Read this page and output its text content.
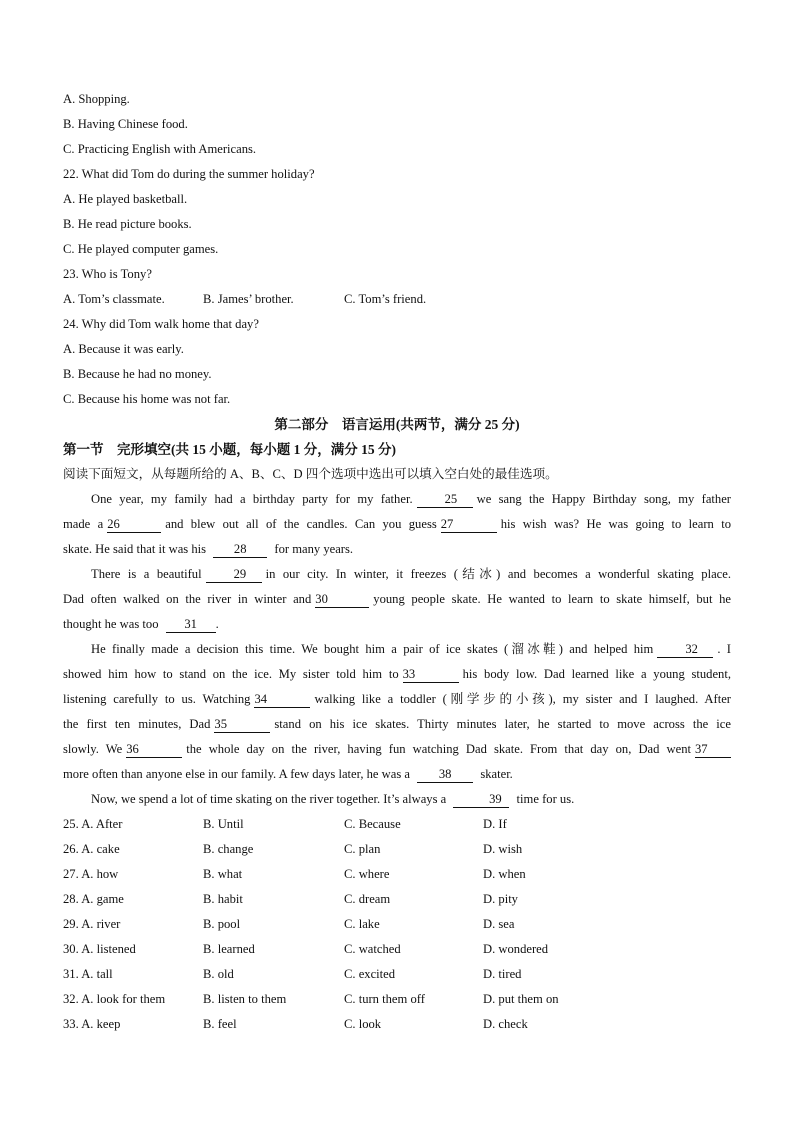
A. Shopping.
B. Having Chinese food.
C. Practicing English with Americans.
22. What did Tom do during the summer holiday?
A. He played basketball.
B. He read picture books.
C. He played computer games.
23. Who is Tony?
A. Tom’s classmate.	B. James’ brother.	C. Tom’s friend.
24. Why did Tom walk home that day?
A. Because it was early.
B. Because he had no money.
C. Because his home was not far.
第二部分　语言运用(共两节，满分 25 分)
第一节　完形填空(共 15 小题，每小题 1 分，满分 15 分)
阅读下面短文，从每题所给的 A、B、C、D 四个选项中选出可以填入空白处的最佳选项。
One year, my family had a birthday party for my father.	25 we sang the Happy Birthday song, my father
made a 26	and blew out all of the candles. Can you guess 27	his wish was? He was going to learn to
skate. He said that it was his 28 for many years.
There is a beautiful	29 in our city. In winter, it freezes (结冰) and becomes a wonderful skating place.
Dad often walked on the river in winter and 30	young people skate. He wanted to learn to skate himself, but he
thought he was too 31 .
He finally made a decision this time. We bought him a pair of ice skates (溜冰鞋) and helped him	32 . I
showed him how to stand on the ice. My sister told him to 33	his body low. Dad learned like a young student,
listening carefully to us. Watching 34	walking like a toddler (刚学步的小孩), my sister and I laughed. After
the first ten minutes, Dad 35	stand on his ice skates. Thirty minutes later, he started to move across the ice
slowly. We 36	the whole day on the river, having fun watching Dad skate. From that day on, Dad went 37
more often than anyone else in our family. A few days later, he was a 38 skater.
Now, we spend a lot of time skating on the river together. It’s always a	39 time for us.
25. A. After	B. Until	C. Because	D. If
26. A. cake	B. change	C. plan	D. wish
27. A. how	B. what	C. where	D. when
28. A. game	B. habit	C. dream	D. pity
29. A. river	B. pool	C. lake	D. sea
30. A. listened	B. learned	C. watched	D. wondered
31. A. tall	B. old	C. excited	D. tired
32. A. look for them	B. listen to them	C. turn them off	D. put them on
33. A. keep	B. feel	C. look	D. check
